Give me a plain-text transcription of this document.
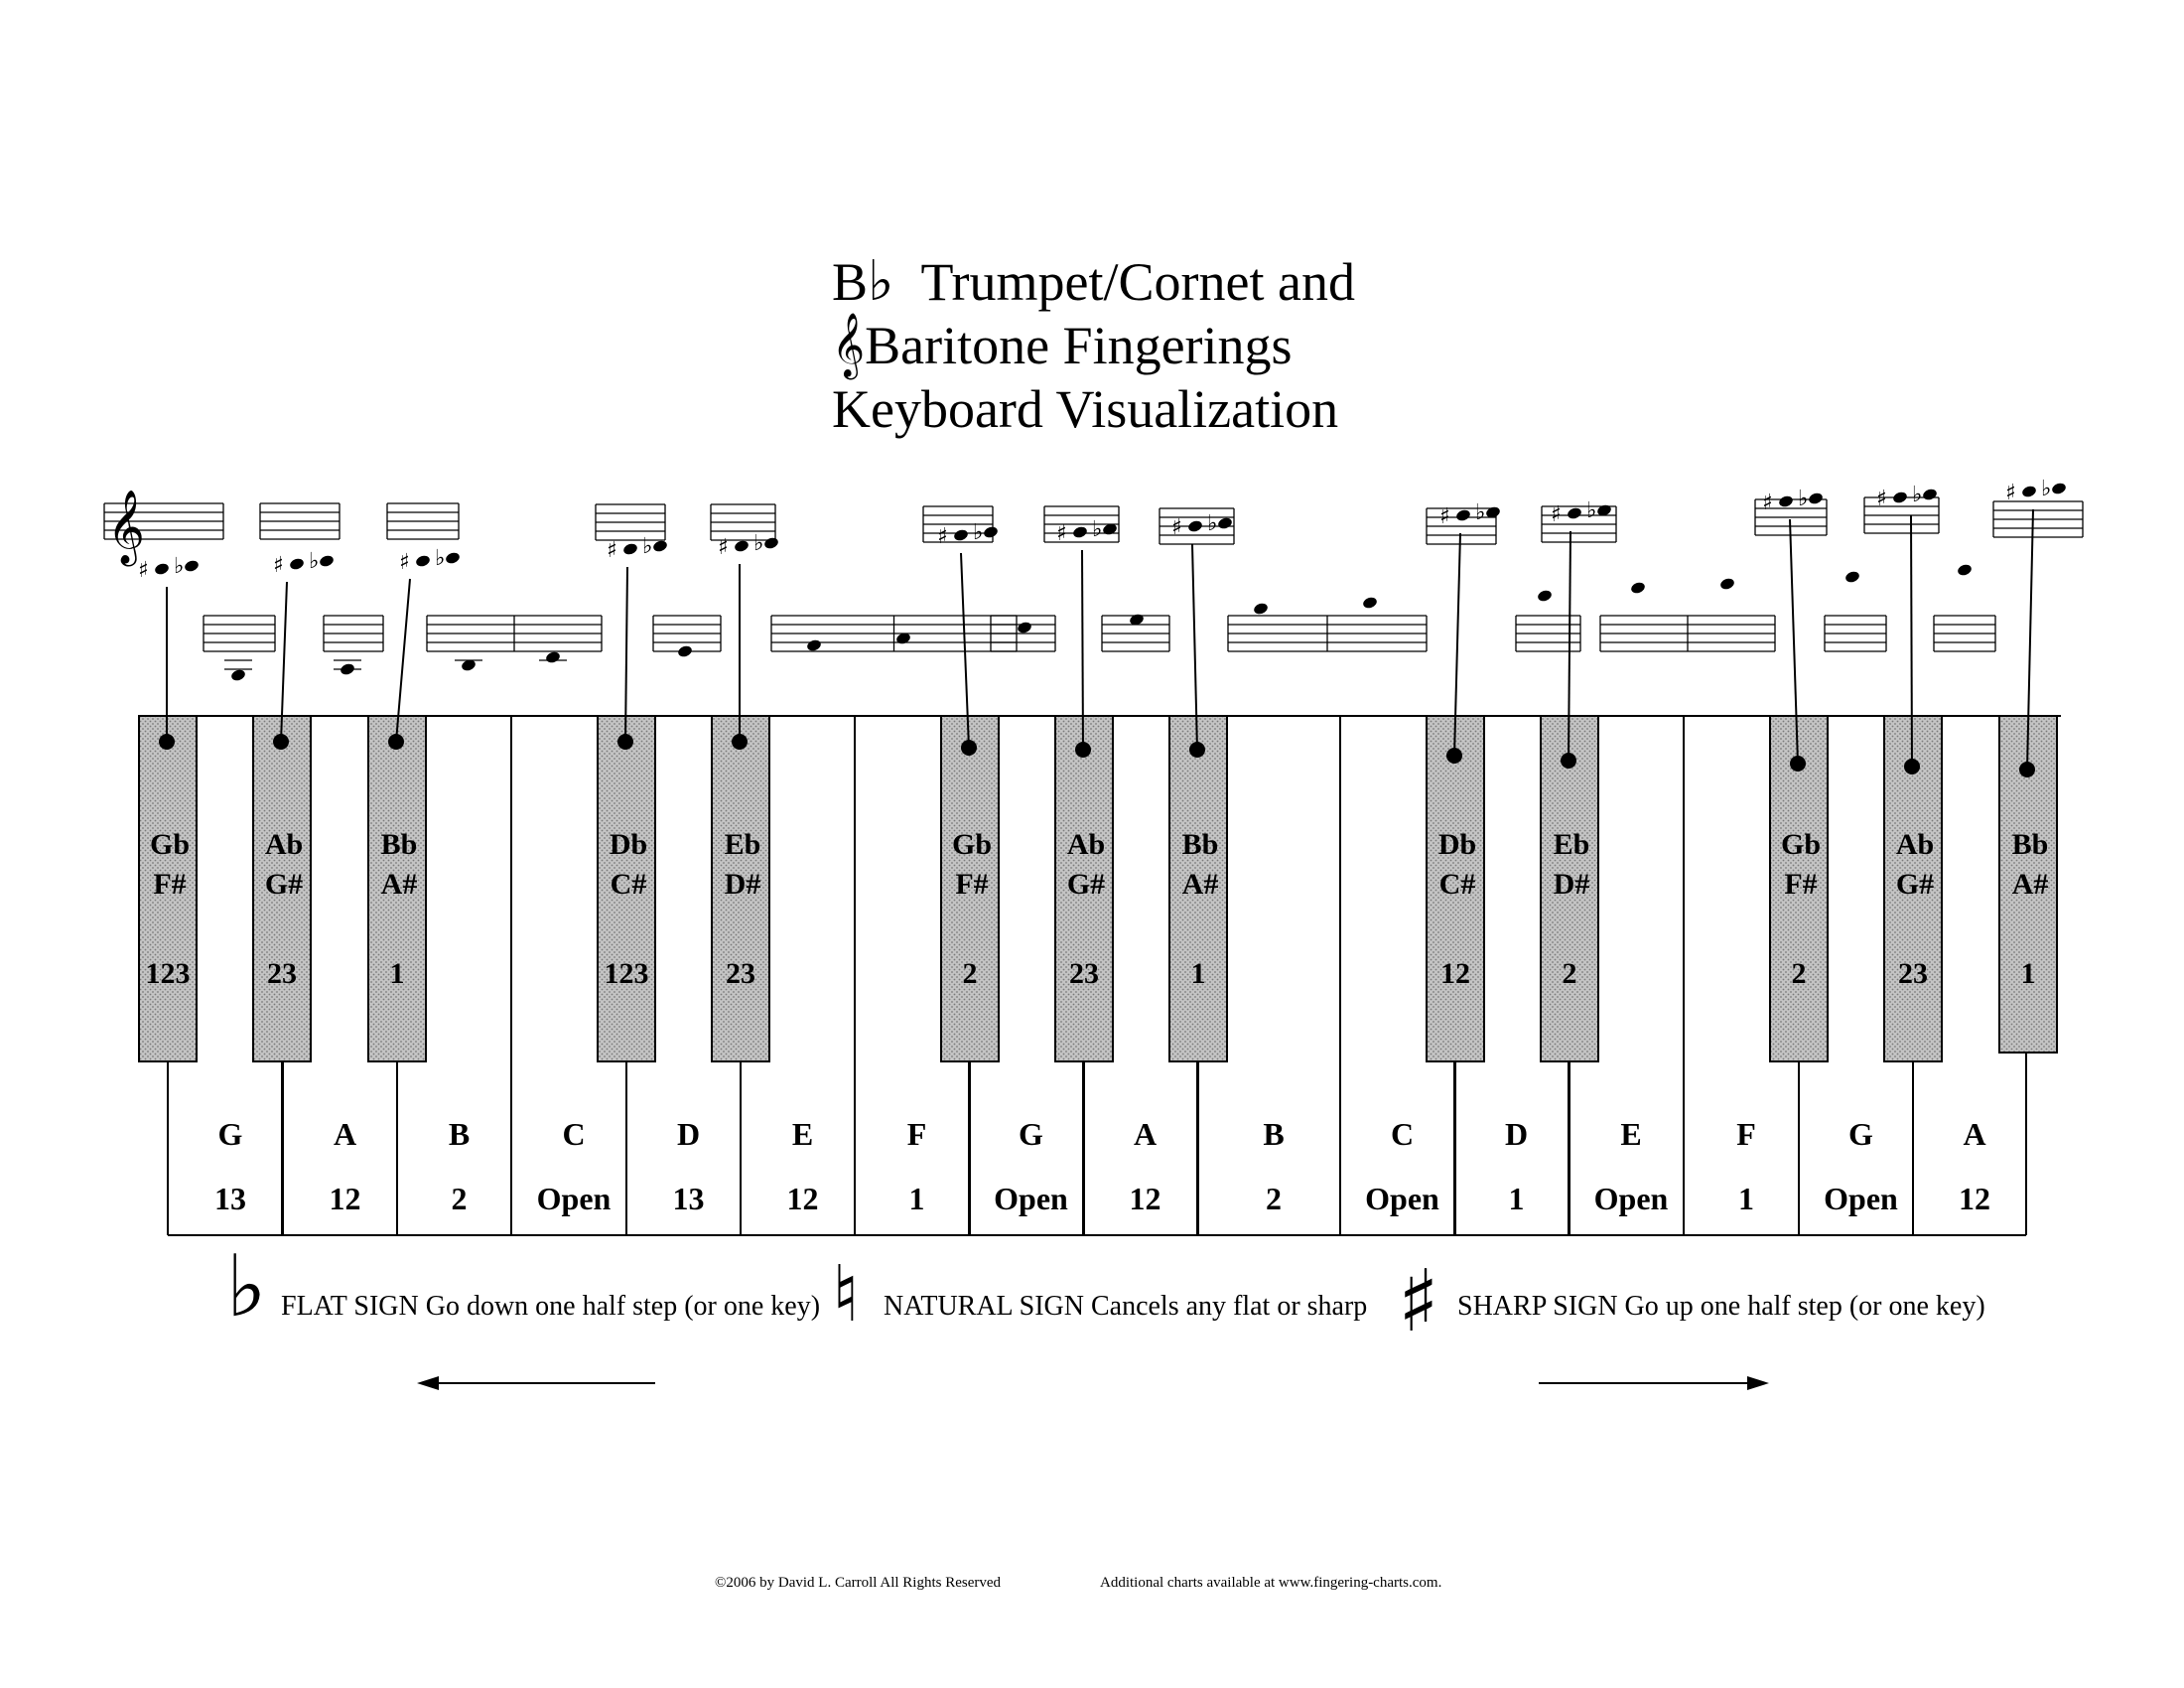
B♭ Trumpet/Cornet and
𝄞Baritone Fingerings
Keyboard Visualization
♯ ♭	♯ ♭	♯ ♭	♯ ♭	♯ ♭	♯ ♭	♯ ♭	♯ ♭	♯ ♭	♯ ♭	♯ ♭	♯ ♭	♯ ♭
𝄞
G
13
A
12
B
2
C
Open
D
13
E
12
F
1
G
Open
A
12
B
2
C
Open
D
1
E
Open
F
1
G
Open
A
12
Gb
F#
123
Ab
G#
23
Bb
A#
1
Db
C#
123
Eb
D#
23
Gb
F#
2
Ab
G#
23
Bb
A#
1
Db
C#
12
Eb
D#
2
Gb
F#
2
Ab
G#
23
Bb
A#
1
♭ FLAT SIGN Go down one half step (or one key) ♮ NATURAL SIGN Cancels any flat or sharp ♯ SHARP SIGN Go up one half step (or one key)
©2006 by David L. Carroll All Rights Reserved	Additional charts available at www.fingering-charts.com.
